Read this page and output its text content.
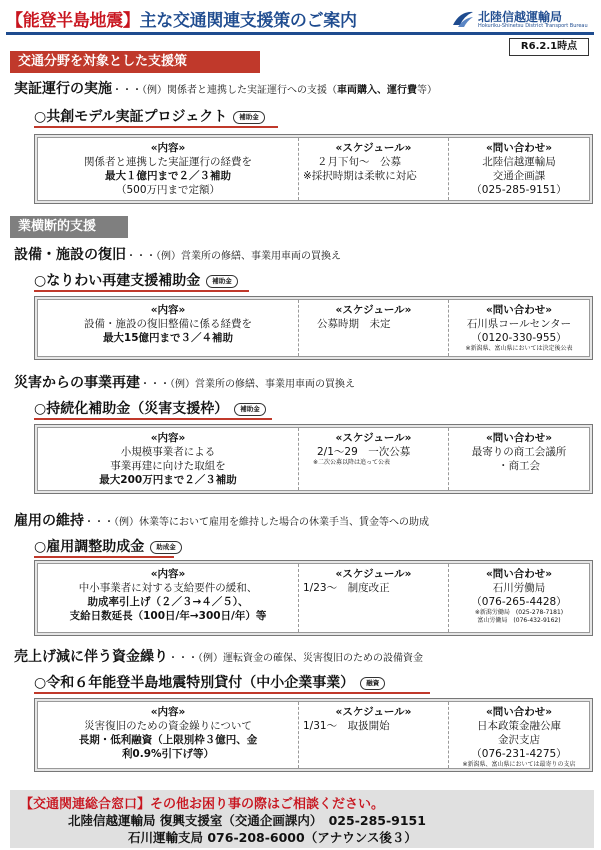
【能登半島地震】主な交通関連支援策のご案内	北陸信越運輸局
Hokuriku-Shinetsu District Transport Bureau
R6.2.1時点
交通分野を対象とした支援策
業横断的支援
実証運行の実施・・・（例）関係者と連携した実証運行への支援（車両購入、運行費等）
○共創モデル実証プロジェクト 補助金
«内容»
関係者と連携した実証運行の経費を
最大１億円まで２／３補助
（500万円まで定額）
«スケジュール»
２月下旬～　公募
※採択時期は柔軟に対応
«問い合わせ»
北陸信越運輸局
交通企画課
（025-285-9151）
設備・施設の復旧・・・（例）営業所の修繕、事業用車両の買換え
○なりわい再建支援補助金 補助金
«内容»
設備・施設の復旧整備に係る経費を
最大15億円まで３／４補助
«スケジュール»
公募時期　未定
«問い合わせ»
石川県コールセンター
（0120-330-955）
※新潟県、富山県においては決定後公表
災害からの事業再建・・・（例）営業所の修繕、事業用車両の買換え
○持続化補助金（災害支援枠） 補助金
«内容»
小規模事業者による
事業再建に向けた取組を
最大200万円まで２／３補助
«スケジュール»
2/1～29　一次公募
※二次公募以降は追って公表
«問い合わせ»
最寄りの商工会議所
・商工会
雇用の維持・・・（例）休業等において雇用を維持した場合の休業手当、賃金等への助成
○雇用調整助成金 助成金
«内容»
中小事業者に対する支給要件の緩和、
助成率引上げ（２／３→４／５）、
支給日数延長（100日/年→300日/年）等
«スケジュール»
1/23～　制度改正
«問い合わせ»
石川労働局
（076-265-4428）
※新潟労働局　(025-278-7181)
富山労働局　(076-432-9162)
売上げ減に伴う資金繰り・・・（例）運転資金の確保、災害復旧のための設備資金
○令和６年能登半島地震特別貸付（中小企業事業） 融資
«内容»
災害復旧のための資金繰りについて
長期・低利融資（上限別枠３億円、金
利0.9%引下げ等）
«スケジュール»
1/31～　取扱開始
«問い合わせ»
日本政策金融公庫
金沢支店
（076-231-4275）
※新潟県、富山県においては最寄りの支店
【交通関連総合窓口】その他お困り事の際はご相談ください。
北陸信越運輸局 復興支援室（交通企画課内）　025-285-9151
石川運輸支局 076-208-6000（アナウンス後３）
